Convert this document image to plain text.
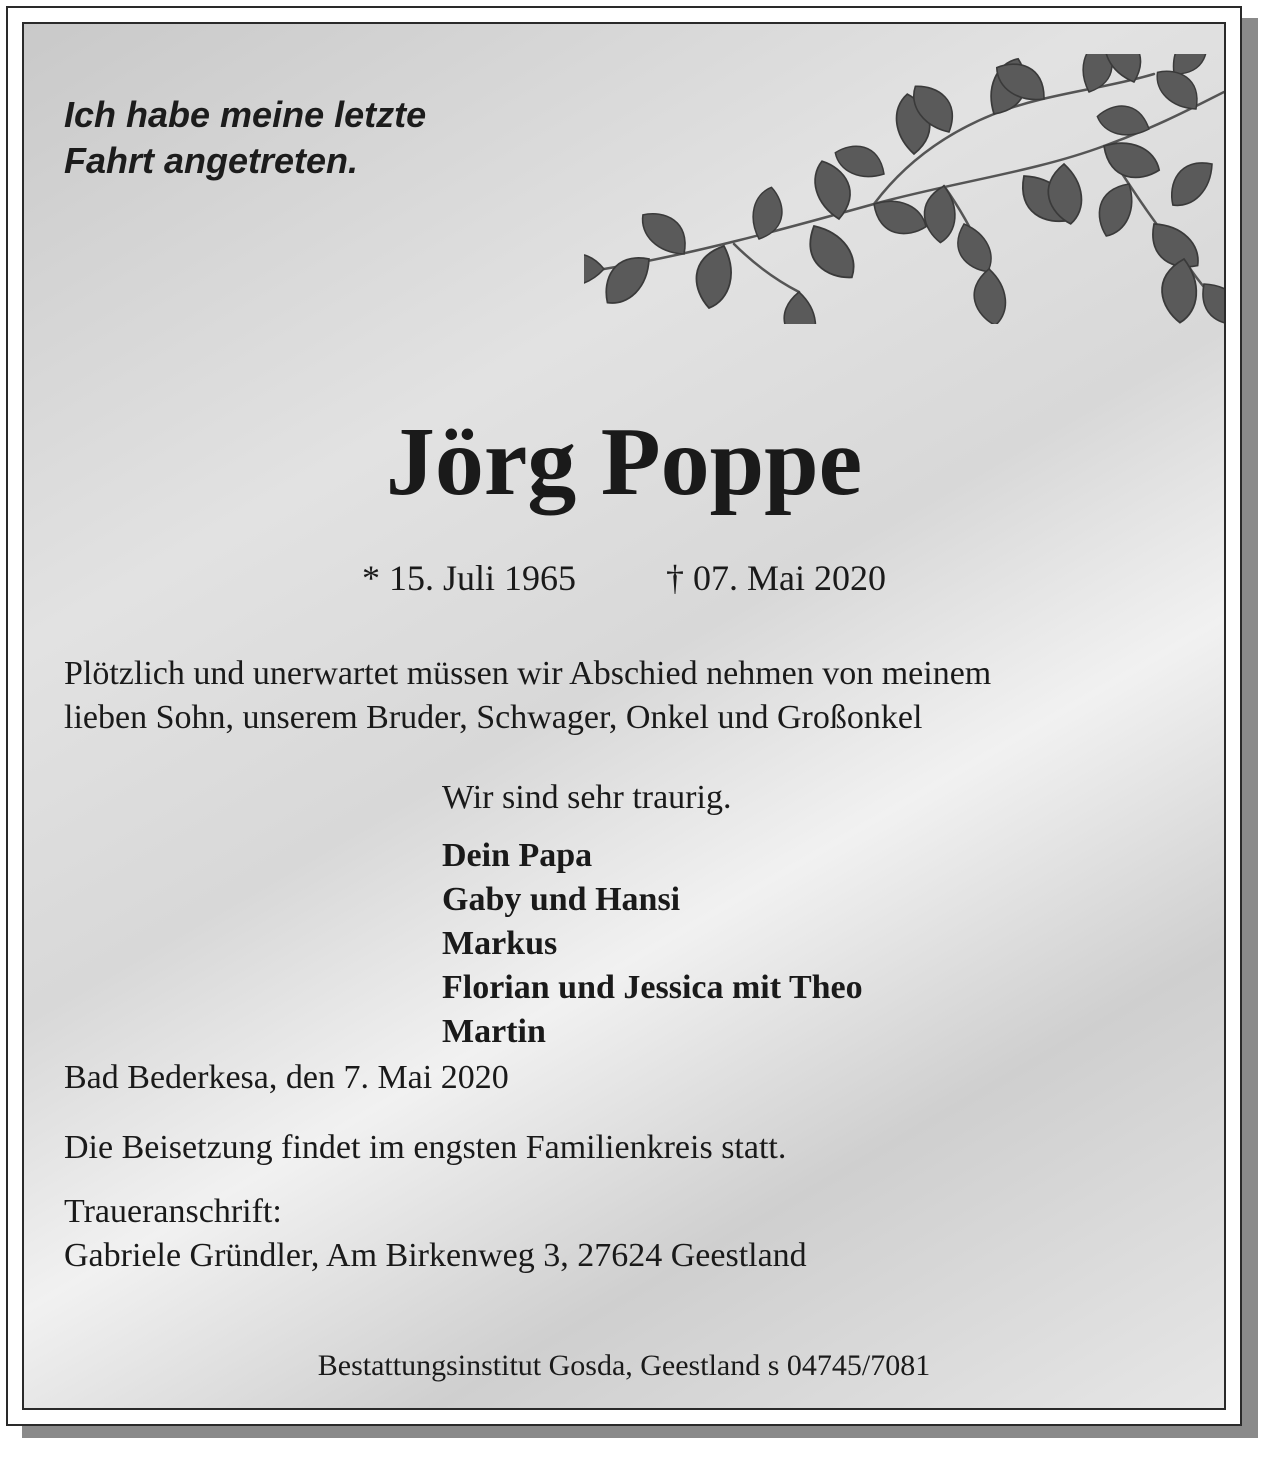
Ich habe meine letzte
Fahrt angetreten.
Jörg Poppe
* 15. Juli 1965	† 07. Mai 2020
Plötzlich und unerwartet müssen wir Abschied nehmen von meinem
lieben Sohn, unserem Bruder, Schwager, Onkel und Großonkel
Wir sind sehr traurig.
Dein Papa
Gaby und Hansi
Markus
Florian und Jessica mit Theo
Martin
Bad Bederkesa, den 7. Mai 2020
Die Beisetzung findet im engsten Familienkreis statt.
Traueranschrift:
Gabriele Gründler, Am Birkenweg 3, 27624 Geestland
Bestattungsinstitut Gosda, Geestland s 04745/7081
